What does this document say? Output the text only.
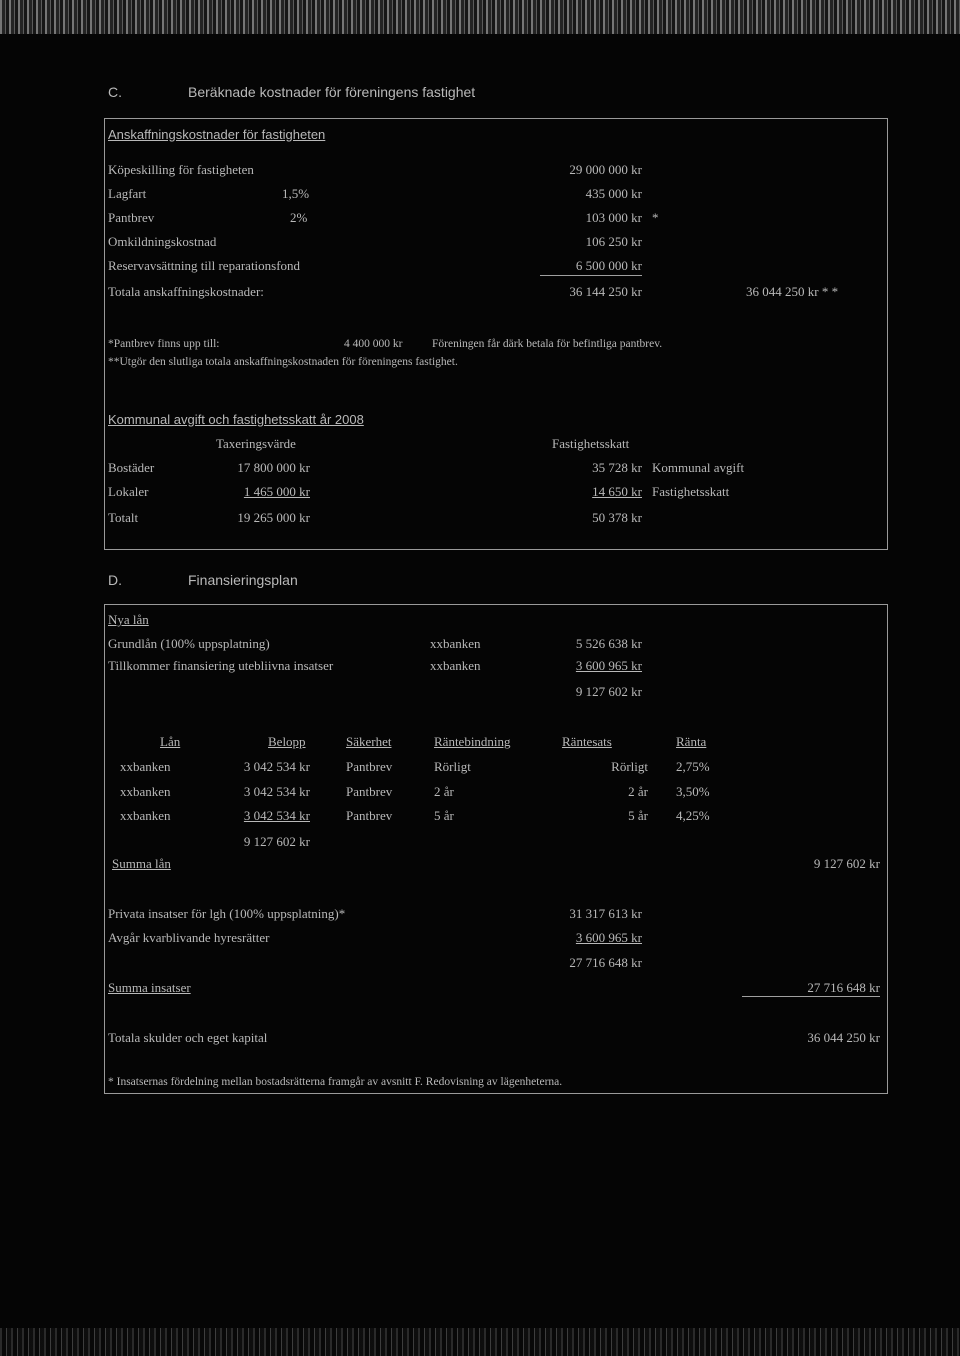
C.	Beräknade kostnader för föreningens fastighet
Anskaffningskostnader för fastigheten
Köpeskilling för fastigheten	29 000 000 kr
Lagfart	1,5%	435 000 kr
Pantbrev	2%	103 000 kr *
Omkildningskostnad	106 250 kr
Reservavsättning till reparationsfond	6 500 000 kr
Totala anskaffningskostnader:	36 144 250 kr	36 044 250 kr * *
*Pantbrev finns upp till:	4 400 000 kr	Föreningen får därk betala för befintliga pantbrev.
**Utgör den slutliga totala anskaffningskostnaden för föreningens fastighet.
Kommunal avgift och fastighetsskatt år 2008
Taxeringsvärde	Fastighetsskatt
Bostäder	17 800 000 kr	35 728 kr Kommunal avgift
Lokaler	1 465 000 kr	14 650 kr Fastighetsskatt
Totalt	19 265 000 kr	50 378 kr
D.	Finansieringsplan
Nya lån
Grundlån (100% uppsplatning)	xxbanken	5 526 638 kr
Tillkommer finansiering utebliivna insatser	xxbanken	3 600 965 kr
9 127 602 kr
Lån	Belopp	Säkerhet	Räntebindning	Räntesats	Ränta
xxbanken	3 042 534 kr	Pantbrev	Rörligt	Rörligt 2,75%
xxbanken	3 042 534 kr	Pantbrev	2 år	2 år 3,50%
xxbanken	3 042 534 kr	Pantbrev	5 år	5 år 4,25%
9 127 602 kr
Summa lån	9 127 602 kr
Privata insatser för lgh (100% uppsplatning)*	31 317 613 kr
Avgår kvarblivande hyresrätter	3 600 965 kr
27 716 648 kr
Summa insatser	27 716 648 kr
Totala skulder och eget kapital	36 044 250 kr
* Insatsernas fördelning mellan bostadsrätterna framgår av avsnitt F. Redovisning av lägenheterna.
